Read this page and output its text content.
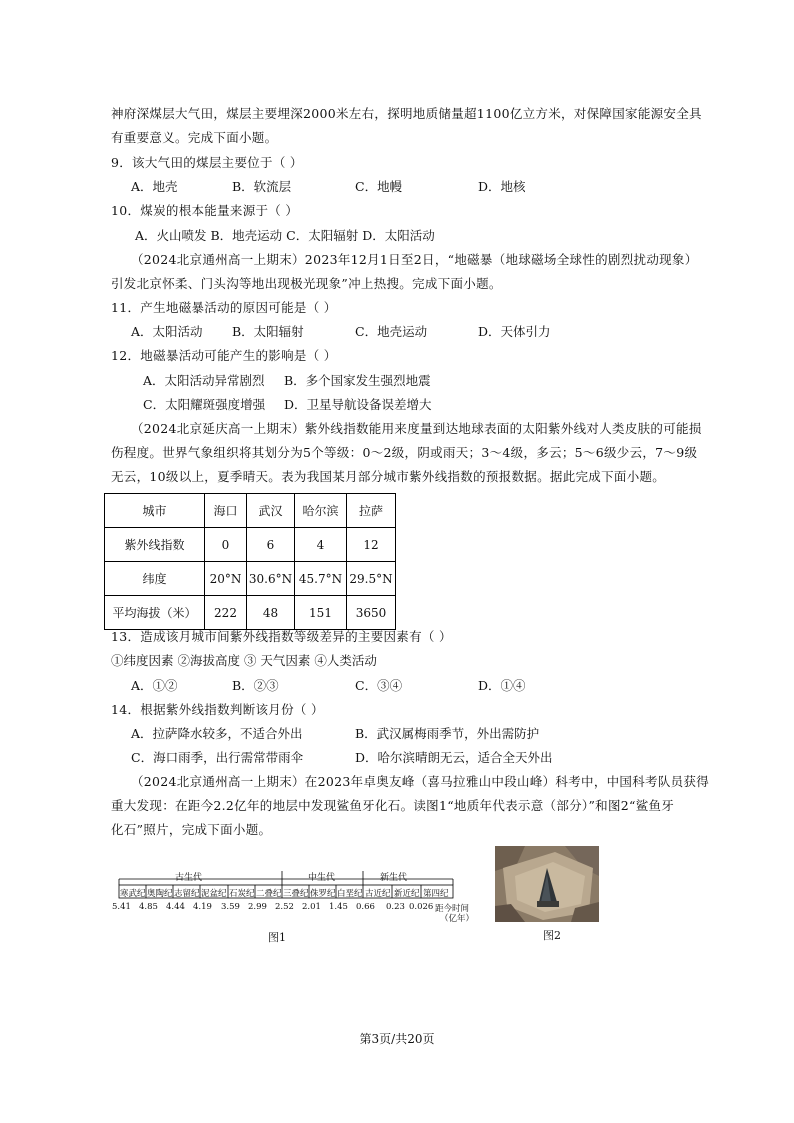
神府深煤层大气田，煤层主要埋深2000米左右，探明地质储量超1100亿立方米，对保障国家能源安全具
有重要意义。完成下面小题。
9．该大气田的煤层主要位于（ ）
A．地壳	B．软流层	C．地幔	D．地核
10．煤炭的根本能量来源于（ ）
A．火山喷发 B．地壳运动 C．太阳辐射 D．太阳活动
（2024北京通州高一上期末）2023年12月1日至2日，“地磁暴（地球磁场全球性的剧烈扰动现象）
引发北京怀柔、门头沟等地出现极光现象”冲上热搜。完成下面小题。
11．产生地磁暴活动的原因可能是（ ）
A．太阳活动 B．太阳辐射	C．地壳运动	D．天体引力
12．地磁暴活动可能产生的影响是（ ）
A．太阳活动异常剧烈 B．多个国家发生强烈地震
C．太阳耀斑强度增强 D．卫星导航设备误差增大
（2024北京延庆高一上期末）紫外线指数能用来度量到达地球表面的太阳紫外线对人类皮肤的可能损
伤程度。世界气象组织将其划分为5个等级：0～2级，阴或雨天；3～4级，多云；5～6级少云，7～9级
无云，10级以上，夏季晴天。表为我国某月部分城市紫外线指数的预报数据。据此完成下面小题。
城市	海口	武汉	哈尔滨	拉萨
紫外线指数	0	6	4	12
纬度	20°N	30.6°N	45.7°N	29.5°N
平均海拔（米）	222	48	151	3650
13．造成该月城市间紫外线指数等级差异的主要因素有（ ）
①纬度因素 ②海拔高度 ③ 天气因素 ④人类活动
A．①②	B．②③	C．③④	D．①④
14．根据紫外线指数判断该月份（ ）
A．拉萨降水较多，不适合外出	B．武汉属梅雨季节，外出需防护
C．海口雨季，出行需常带雨伞	D．哈尔滨晴朗无云，适合全天外出
（2024北京通州高一上期末）在2023年卓奥友峰（喜马拉雅山中段山峰）科考中，中国科考队员获得
重大发现：在距今2.2亿年的地层中发现鲨鱼牙化石。读图1“地质年代表示意（部分）”和图2“鲨鱼牙
化石”照片，完成下面小题。
古生代	中生代	新生代
寒武纪 奥陶纪 志留纪 泥盆纪 石炭纪 二叠纪 三叠纪 侏罗纪 白垩纪 古近纪 新近纪 第四纪
5.41 4.85 4.44 4.19 3.59 2.99 2.52 2.01 1.45 0.66 0.23 0.026 距今时间
（亿年）
图1	图2
第3页/共20页
